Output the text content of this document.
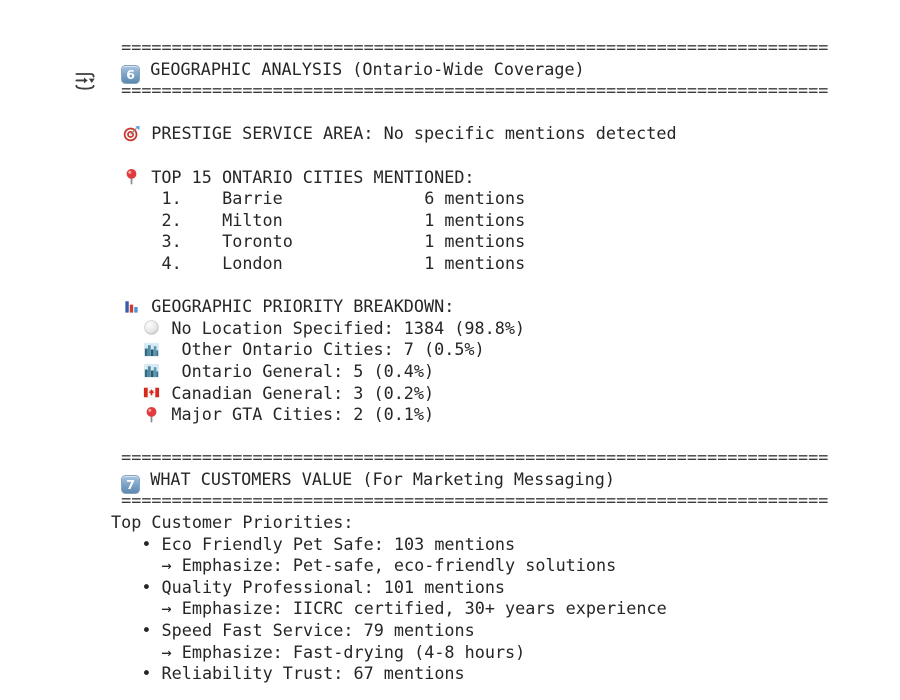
======================================================================
6 GEOGRAPHIC ANALYSIS (Ontario-Wide Coverage)
======================================================================
PRESTIGE SERVICE AREA: No specific mentions detected
TOP 15 ONTARIO CITIES MENTIONED:
1. Barrie	6 mentions
2. Milton	1 mentions
3. Toronto	1 mentions
4. London	1 mentions
GEOGRAPHIC PRIORITY BREAKDOWN:
No Location Specified: 1384 (98.8%)
Other Ontario Cities: 7 (0.5%)
Ontario General: 5 (0.4%)
Canadian General: 3 (0.2%)
Major GTA Cities: 2 (0.1%)
======================================================================
7 WHAT CUSTOMERS VALUE (For Marketing Messaging)
======================================================================
Top Customer Priorities:
• Eco Friendly Pet Safe: 103 mentions
→ Emphasize: Pet-safe, eco-friendly solutions
• Quality Professional: 101 mentions
→ Emphasize: IICRC certified, 30+ years experience
• Speed Fast Service: 79 mentions
→ Emphasize: Fast-drying (4-8 hours)
• Reliability Trust: 67 mentions
